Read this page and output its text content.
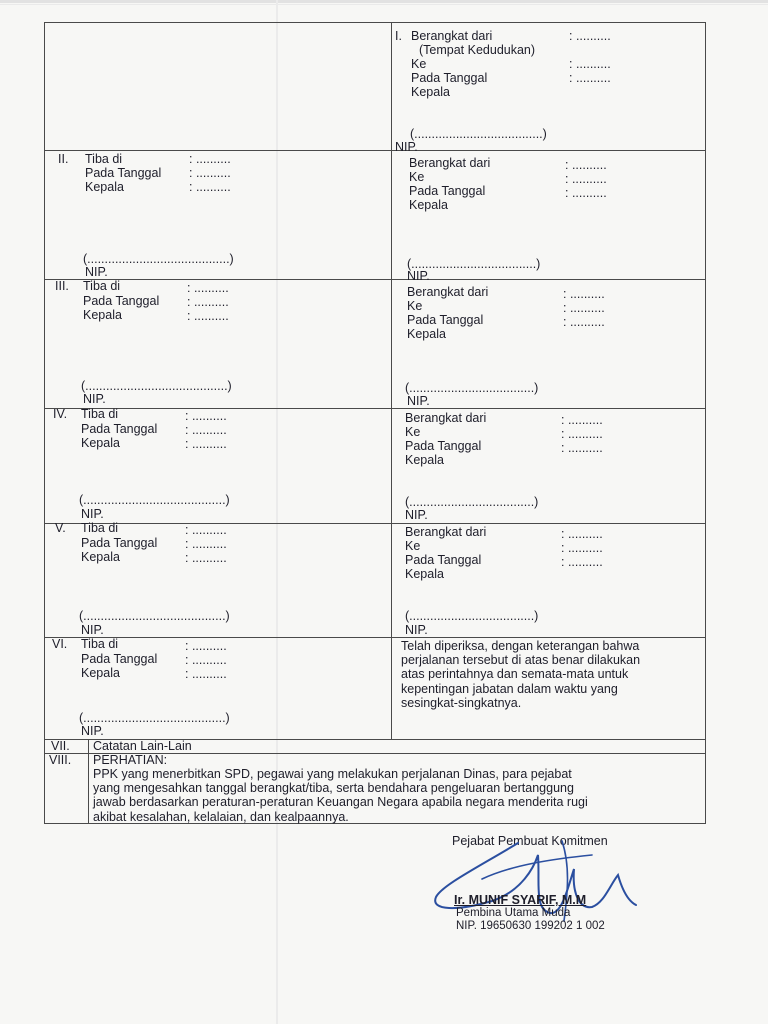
I. Berangkat dari
(Tempat Kedudukan)
Ke
Pada Tanggal
Kepala
: ..........
: ..........
: ..........
(.....................................)
NIP.
II. Tiba di
Pada Tanggal
Kepala
: ..........
: ..........
: ..........
(.........................................)
NIP.
Berangkat dari
Ke
Pada Tanggal
Kepala
: ..........
: ..........
: ..........
(....................................)
NIP.
III. Tiba di
Pada Tanggal
Kepala
: ..........
: ..........
: ..........
(.........................................)
NIP.
Berangkat dari
Ke
Pada Tanggal
Kepala
: ..........
: ..........
: ..........
(....................................)
NIP.
IV. Tiba di
Pada Tanggal
Kepala
: ..........
: ..........
: ..........
(.........................................)
NIP.
Berangkat dari
Ke
Pada Tanggal
Kepala
: ..........
: ..........
: ..........
(....................................)
NIP.
V. Tiba di
Pada Tanggal
Kepala
: ..........
: ..........
: ..........
(.........................................)
NIP.
Berangkat dari
Ke
Pada Tanggal
Kepala
: ..........
: ..........
: ..........
(....................................)
NIP.
VI. Tiba di
Pada Tanggal
Kepala
: ..........
: ..........
: ..........
(.........................................)
NIP.
Telah diperiksa, dengan keterangan bahwa
perjalanan tersebut di atas benar dilakukan
atas perintahnya dan semata-mata untuk
kepentingan jabatan dalam waktu yang
sesingkat-singkatnya.
VII. Catatan Lain-Lain
VIII. PERHATIAN:
PPK yang menerbitkan SPD, pegawai yang melakukan perjalanan Dinas, para pejabat
yang mengesahkan tanggal berangkat/tiba, serta bendahara pengeluaran bertanggung
jawab berdasarkan peraturan-peraturan Keuangan Negara apabila negara menderita rugi
akibat kesalahan, kelalaian, dan kealpaannya.
Pejabat Pembuat Komitmen
Ir. MUNIF SYARIF, M.M
Pembina Utama Muda
NIP. 19650630 199202 1 002
